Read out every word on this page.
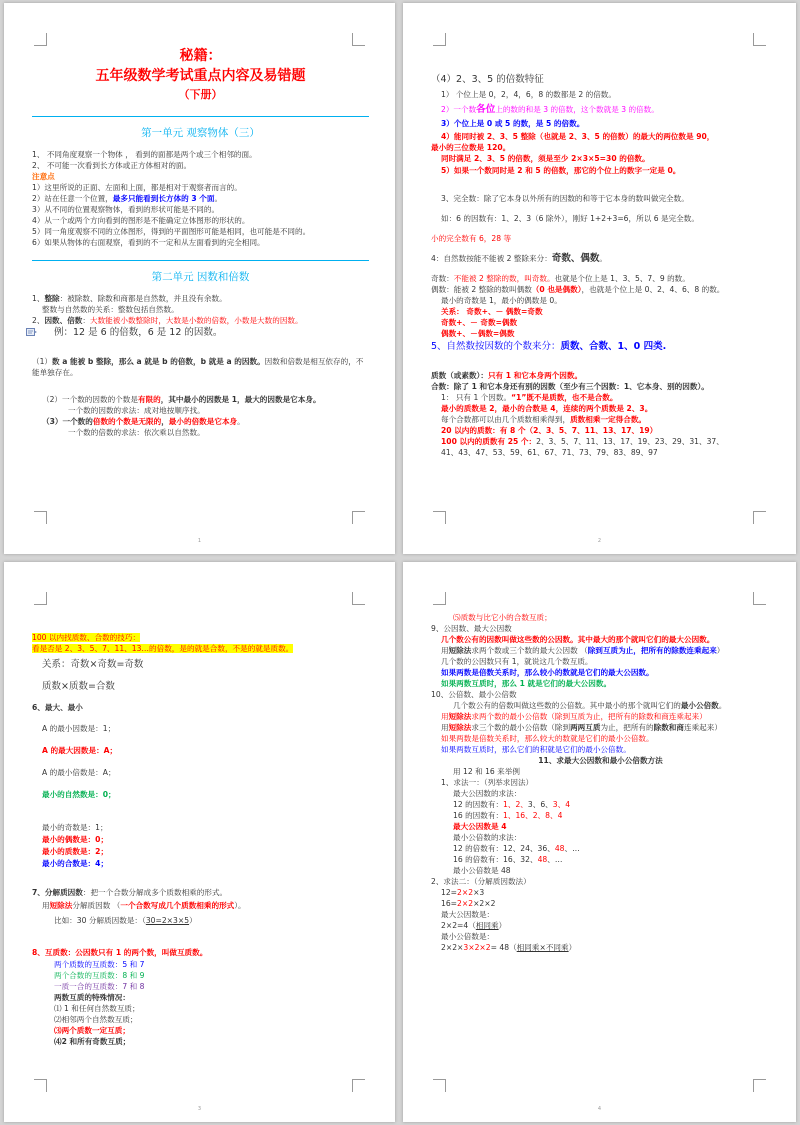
秘籍：
五年级数学考试重点内容及易错题
（下册）
第一单元 观察物体（三）
1、 不同角度观察一个物体 ， 看到的面都是两个或三个相邻的面。
2、 不可能一次看到长方体或正方体相对的面。
注意点
1）这里所说的正面、左面和上面，都是相对于观察者而言的。
2）站在任意一个位置，最多只能看到长方体的 3 个面。
3）从不同的位置观察物体，看到的形状可能是不同的。
4）从一个或两个方向看到的图形是不能确定立体图形的形状的。
5）同一角度观察不同的立体图形，得到的平面图形可能是相同，也可能是不同的。
6）如果从物体的右面观察，看到的不一定和从左面看到的完全相同。
第二单元 因数和倍数
1、整除：被除数、除数和商都是自然数，并且没有余数。
整数与自然数的关系：整数包括自然数。
2、因数、倍数：大数能被小数整除时，大数是小数的倍数，小数是大数的因数。
例：12 是 6 的倍数，6 是 12 的因数。
（1）数 a 能被 b 整除，那么 a 就是 b 的倍数，b 就是 a 的因数。因数和倍数是相互依存的，不能单独存在。
（2）一个数的因数的个数是有限的，其中最小的因数是 1，最大的因数是它本身。
一个数的因数的求法：成对地按顺序找。
（3）一个数的倍数的个数是无限的，最小的倍数是它本身。
一个数的倍数的求法：依次乘以自然数。
1
（4）2、3、5 的倍数特征
1） 个位上是 0，2，4，6，8 的数都是 2 的倍数。
2）一个数各位上的数的和是 3 的倍数，这个数就是 3 的倍数。
3）个位上是 0 或 5 的数，是 5 的倍数。
4）能同时被 2、3、5 整除（也就是 2、3、5 的倍数）的最大的两位数是 90，
最小的三位数是 120。
同时满足 2、3、5 的倍数，须是至少 2×3×5=30 的倍数。
5）如果一个数同时是 2 和 5 的倍数，那它的个位上的数字一定是 0。
3、完全数：除了它本身以外所有的因数的和等于它本身的数叫做完全数。
如：6 的因数有：1、2、3（6 除外），刚好 1+2+3=6，所以 6 是完全数。
小的完全数有 6，28 等
4：自然数按能不能被 2 整除来分：奇数、偶数。
奇数：不能被 2 整除的数，叫奇数。也就是个位上是 1、3、5、7、9 的数。
偶数：能被 2 整除的数叫偶数（0 也是偶数），也就是个位上是 0、2、4、6、8 的数。
最小的奇数是 1，最小的偶数是 0。
关系： 奇数+、－ 偶数=奇数
奇数+、－ 奇数=偶数
偶数+、－偶数=偶数
5、自然数按因数的个数来分：质数、合数、1、0 四类.
质数（或素数）：只有 1 和它本身两个因数。
合数：除了 1 和它本身还有别的因数（至少有三个因数：1、它本身、别的因数）。
1： 只有 1 个因数。“1”既不是质数，也不是合数。
最小的质数是 2，最小的合数是 4，连续的两个质数是 2、3。
每个合数都可以由几个质数相乘得到，质数相乘一定得合数。
20 以内的质数：有 8 个（2、3、5、7、11、13、17、19）
100 以内的质数有 25 个：2、3、5、7、11、13、17、19、23、29、31、37、
41、43、47、53、59、61、67、71、73、79、83、89、97
2
100 以内找质数、合数的技巧：
看是否是 2、3、5、7、11、13…的倍数，是的就是合数，不是的就是质数。
关系：奇数×奇数=奇数
质数×质数=合数
6、最大、最小
A 的最小因数是：1；
A 的最大因数是：A；
A 的最小倍数是：A；
最小的自然数是：0；
最小的奇数是：1；
最小的偶数是：0；
最小的质数是：2；
最小的合数是：4；
7、分解质因数：把一个合数分解成多个质数相乘的形式。
用短除法分解质因数 （一个合数写成几个质数相乘的形式）。
比如：30 分解质因数是：（30=2×3×5）
8、互质数：公因数只有 1 的两个数，叫做互质数。
两个质数的互质数：5 和 7
两个合数的互质数：8 和 9
一质一合的互质数：7 和 8
两数互质的特殊情况：
⑴ 1 和任何自然数互质；
⑵相邻两个自然数互质；
⑶两个质数一定互质；
⑷2 和所有奇数互质；
3
⑸质数与比它小的合数互质；
9、公因数、最大公因数
几个数公有的因数叫做这些数的公因数。其中最大的那个就叫它们的最大公因数。
用短除法求两个数或三个数的最大公因数 （除到互质为止，把所有的除数连乘起来）
几个数的公因数只有 1，就说这几个数互质。
如果两数是倍数关系时，那么较小的数就是它们的最大公因数。
如果两数互质时，那么 1 就是它们的最大公因数。
10、公倍数、最小公倍数
几个数公有的倍数叫做这些数的公倍数。其中最小的那个就叫它们的最小公倍数。
用短除法求两个数的最小公倍数（除到互质为止，把所有的除数和商连乘起来）
用短除法求三个数的最小公倍数（除到两两互质为止，把所有的除数和商连乘起来）
如果两数是倍数关系时，那么较大的数就是它们的最小公倍数。
如果两数互质时，那么它们的积就是它们的最小公倍数。
11、求最大公因数和最小公倍数方法
用 12 和 16 来举例
1、求法一：（列举求因法）
最大公因数的求法：
12 的因数有：1、2、3、6、3、4
16 的因数有：1、16、2、8、4
最大公因数是 4
最小公倍数的求法：
12 的倍数有：12、24、36、48、…
16 的倍数有：16、32、48、…
最小公倍数是 48
2、求法二：（分解质因数法）
12=2×2×3
16=2×2×2×2
最大公因数是：
2×2=4（相同乘）
最小公倍数是：
2×2×3×2×2= 48（相同乘×不同乘）
4
